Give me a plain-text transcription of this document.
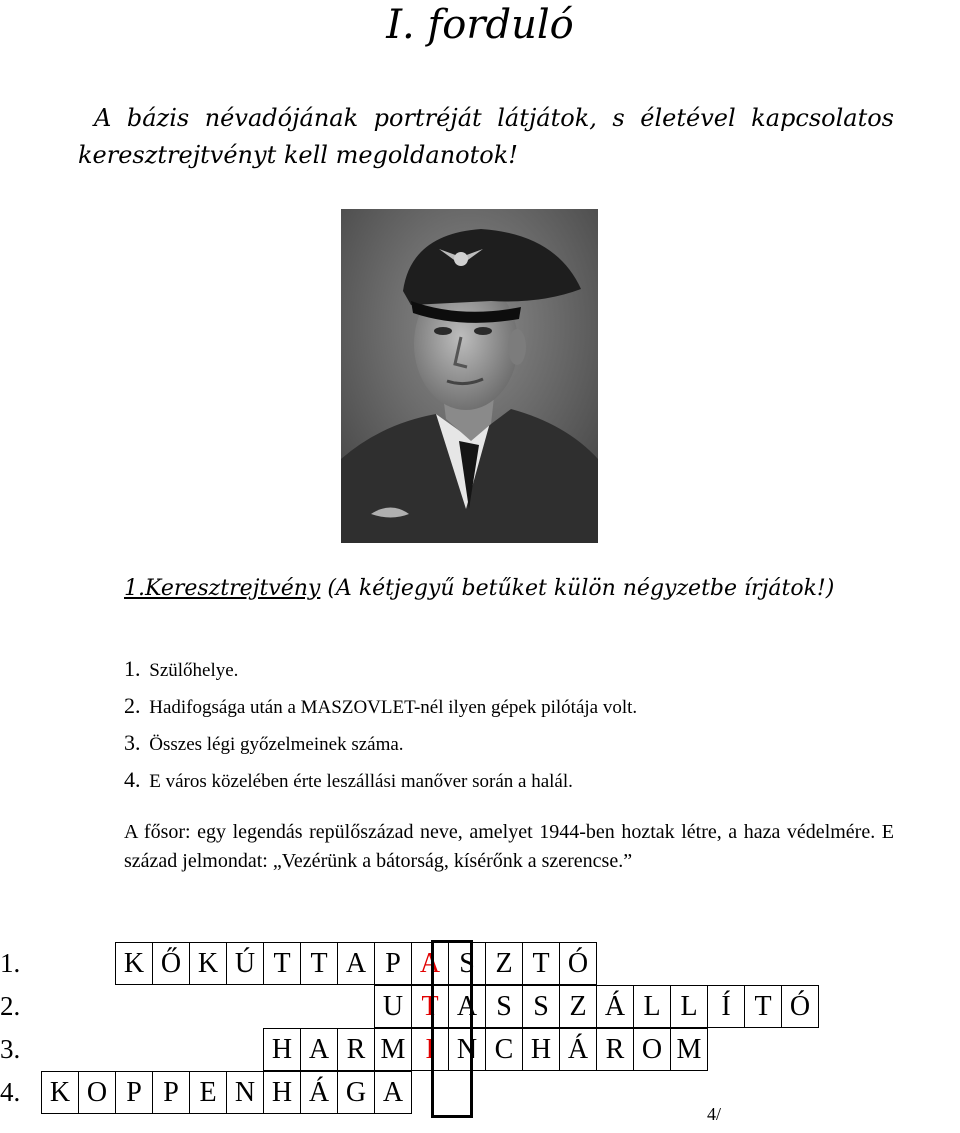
I. forduló
A bázis névadójának portréját látjátok, s életével kapcsolatos keresztrejtvényt kell megoldanotok!
1.Keresztrejtvény (A kétjegyű betűket külön négyzetbe írjátok!)
1. Szülőhelye.
2. Hadifogsága után a MASZOVLET-nél ilyen gépek pilótája volt.
3. Összes légi győzelmeinek száma.
4. E város közelében érte leszállási manőver során a halál.
A fősor: egy legendás repülőszázad neve, amelyet 1944-ben hoztak létre, a haza védelmére. E század jelmondat: „Vezérünk a bátorság, kísérőnk a szerencse.”
1.	K Ő K Ú T T A P A S Z T Ó
2.	U T A S S Z Á L L Í T Ó
3.	H A R M I N C H Á R O M
4.	K O P P E N H Á G A
4/
